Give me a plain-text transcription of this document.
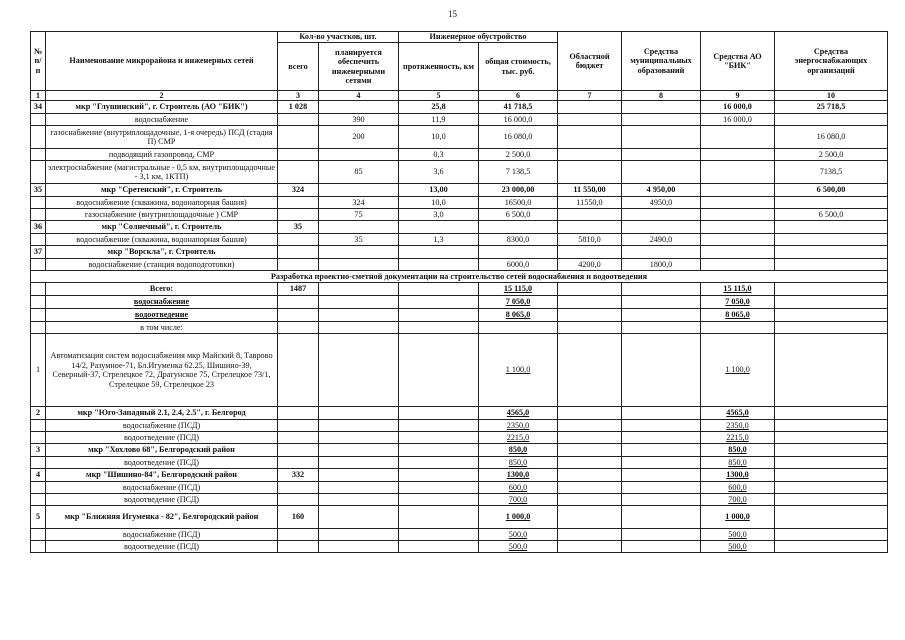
15
№ п/п	Наименование микрорайона и инженерных сетей	Кол-во участков, шт.		Инженерное обустройство		Областной бюджет	Средства муниципальных образований	Средства АО "БИК"	Средства энергоснабжающих организаций
		всего	планируется обеспечить инженерными сетями	протяженность, км	общая стоимость, тыс. руб.				
1	2	3	4	5	6	7	8	9	10
34	мкр "Глушинский", г. Строитель (АО "БИК")	1 028		25,8	41 718,5			16 000,0	25 718,5
	водоснабжение		390	11,9	16 000,0			16 000,0	
	газоснабжение (внутриплощадочные, 1-я очередь) ПСД (стадия П) СМР		200	10,0	16 080,0				16 080,0
	подводящий газопровод, СМР			0,3	2 500,0				2 500,0
	электроснабжение (магистральные - 0,5 км, внутриплощадочные - 3,1 км, 1КТП)		85	3,6	7 138,5				7138,5
35	мкр "Сретенский", г. Строитель	324		13,00	23 000,00	11 550,00	4 950,00		6 500,00
	водоснабжение (скважина, водонапорная башня)		324	10,0	16500,0	11550,0	4950,0		
	газоснабжение (внутриплощадочные ) СМР		75	3,0	6 500,0				6 500,0
36	мкр "Солнечный", г. Строитель	35							
	водоснабжение (скважина, водонапорная башня)		35	1,3	8300,0	5810,0	2490,0		
37	мкр "Ворскла", г. Строитель								
	водоснабжение (станция водоподготовки)				6000,0	4200,0	1800,0		
Разработка проектно-сметной документации на строительство сетей водоснабжения и водоотведения									
	Всего:	1487			15 115,0			15 115,0	
	водоснабжение				7 050,0			7 050,0	
	водоотведение				8 065,0			8 065,0	
	в том числе:								
1	Автоматизация систем водоснабжения мкр Майский 8, Таврово 14/2, Разумное-71, Бл.Игуменка 62.25, Шишино-39, Северный-37, Стрелецкое 72, Драгунское 75, Стрелецкое 73/1, Стрелецкое 59, Стрелецкое 23				1 100,0			1 100,0	
2	мкр "Юго-Западный 2.1, 2.4, 2.5", г. Белгород				4565,0			4565,0	
	водоснабжение (ПСД)				2350,0			2350,0	
	водоотведение (ПСД)				2215,0			2215,0	
3	мкр "Хохлово 68", Белгородский район				850,0			850,0	
	водоотведение (ПСД)				850,0			850,0	
4	мкр "Шишино-84", Белгородский район	332			1300,0			1300,0	
	водоснабжение (ПСД)				600,0			600,0	
	водоотведение (ПСД)				700,0			700,0	
5	мкр "Ближняя Игуменка - 82", Белгородский район	160			1 000,0			1 000,0	
	водоснабжение (ПСД)				500,0			500,0	
	водоотведение (ПСД)				500,0			500,0	
